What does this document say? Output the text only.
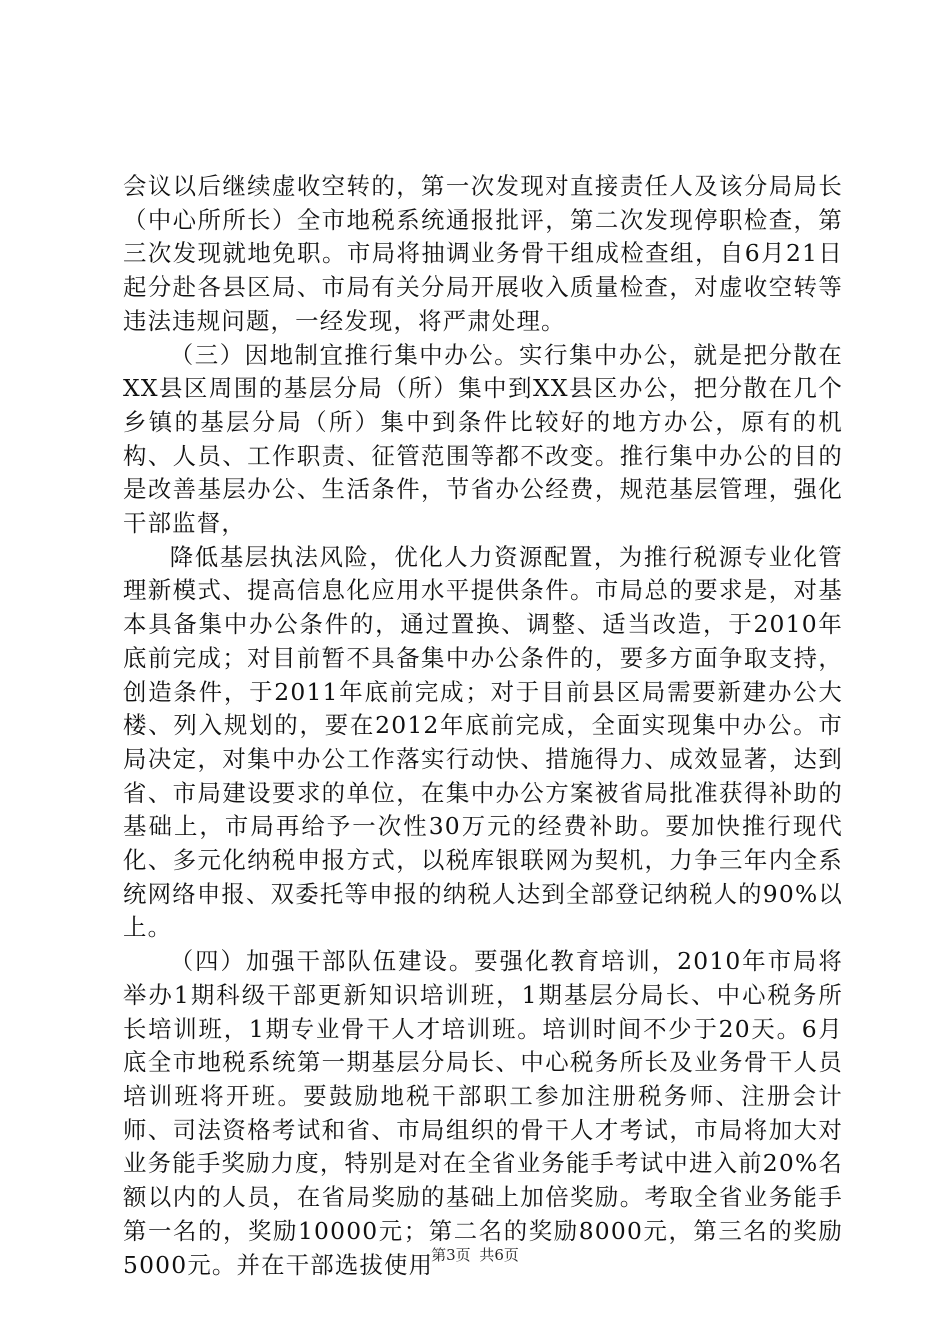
会议以后继续虚收空转的，第一次发现对直接责任人及该分局局长（中心所所长）全市地税系统通报批评，第二次发现停职检查，第三次发现就地免职。市局将抽调业务骨干组成检查组，自6月21日起分赴各县区局、市局有关分局开展收入质量检查，对虚收空转等违法违规问题，一经发现，将严肃处理。

（三）因地制宜推行集中办公。实行集中办公，就是把分散在XX县区周围的基层分局（所）集中到XX县区办公，把分散在几个乡镇的基层分局（所）集中到条件比较好的地方办公，原有的机构、人员、工作职责、征管范围等都不改变。推行集中办公的目的是改善基层办公、生活条件，节省办公经费，规范基层管理，强化干部监督，

降低基层执法风险，优化人力资源配置，为推行税源专业化管理新模式、提高信息化应用水平提供条件。市局总的要求是，对基本具备集中办公条件的，通过置换、调整、适当改造，于2010年底前完成；对目前暂不具备集中办公条件的，要多方面争取支持，创造条件，于2011年底前完成；对于目前县区局需要新建办公大楼、列入规划的，要在2012年底前完成，全面实现集中办公。市局决定，对集中办公工作落实行动快、措施得力、成效显著，达到省、市局建设要求的单位，在集中办公方案被省局批准获得补助的基础上，市局再给予一次性30万元的经费补助。要加快推行现代化、多元化纳税申报方式，以税库银联网为契机，力争三年内全系统网络申报、双委托等申报的纳税人达到全部登记纳税人的90%以上。

（四）加强干部队伍建设。要强化教育培训，2010年市局将举办1期科级干部更新知识培训班，1期基层分局长、中心税务所长培训班，1期专业骨干人才培训班。培训时间不少于20天。6月底全市地税系统第一期基层分局长、中心税务所长及业务骨干人员培训班将开班。要鼓励地税干部职工参加注册税务师、注册会计师、司法资格考试和省、市局组织的骨干人才考试，市局将加大对业务能手奖励力度，特别是对在全省业务能手考试中进入前20%名额以内的人员，在省局奖励的基础上加倍奖励。考取全省业务能手第一名的，奖励10000元；第二名的奖励8000元，第三名的奖励5000元。并在干部选拔使用

第3页 共6页
